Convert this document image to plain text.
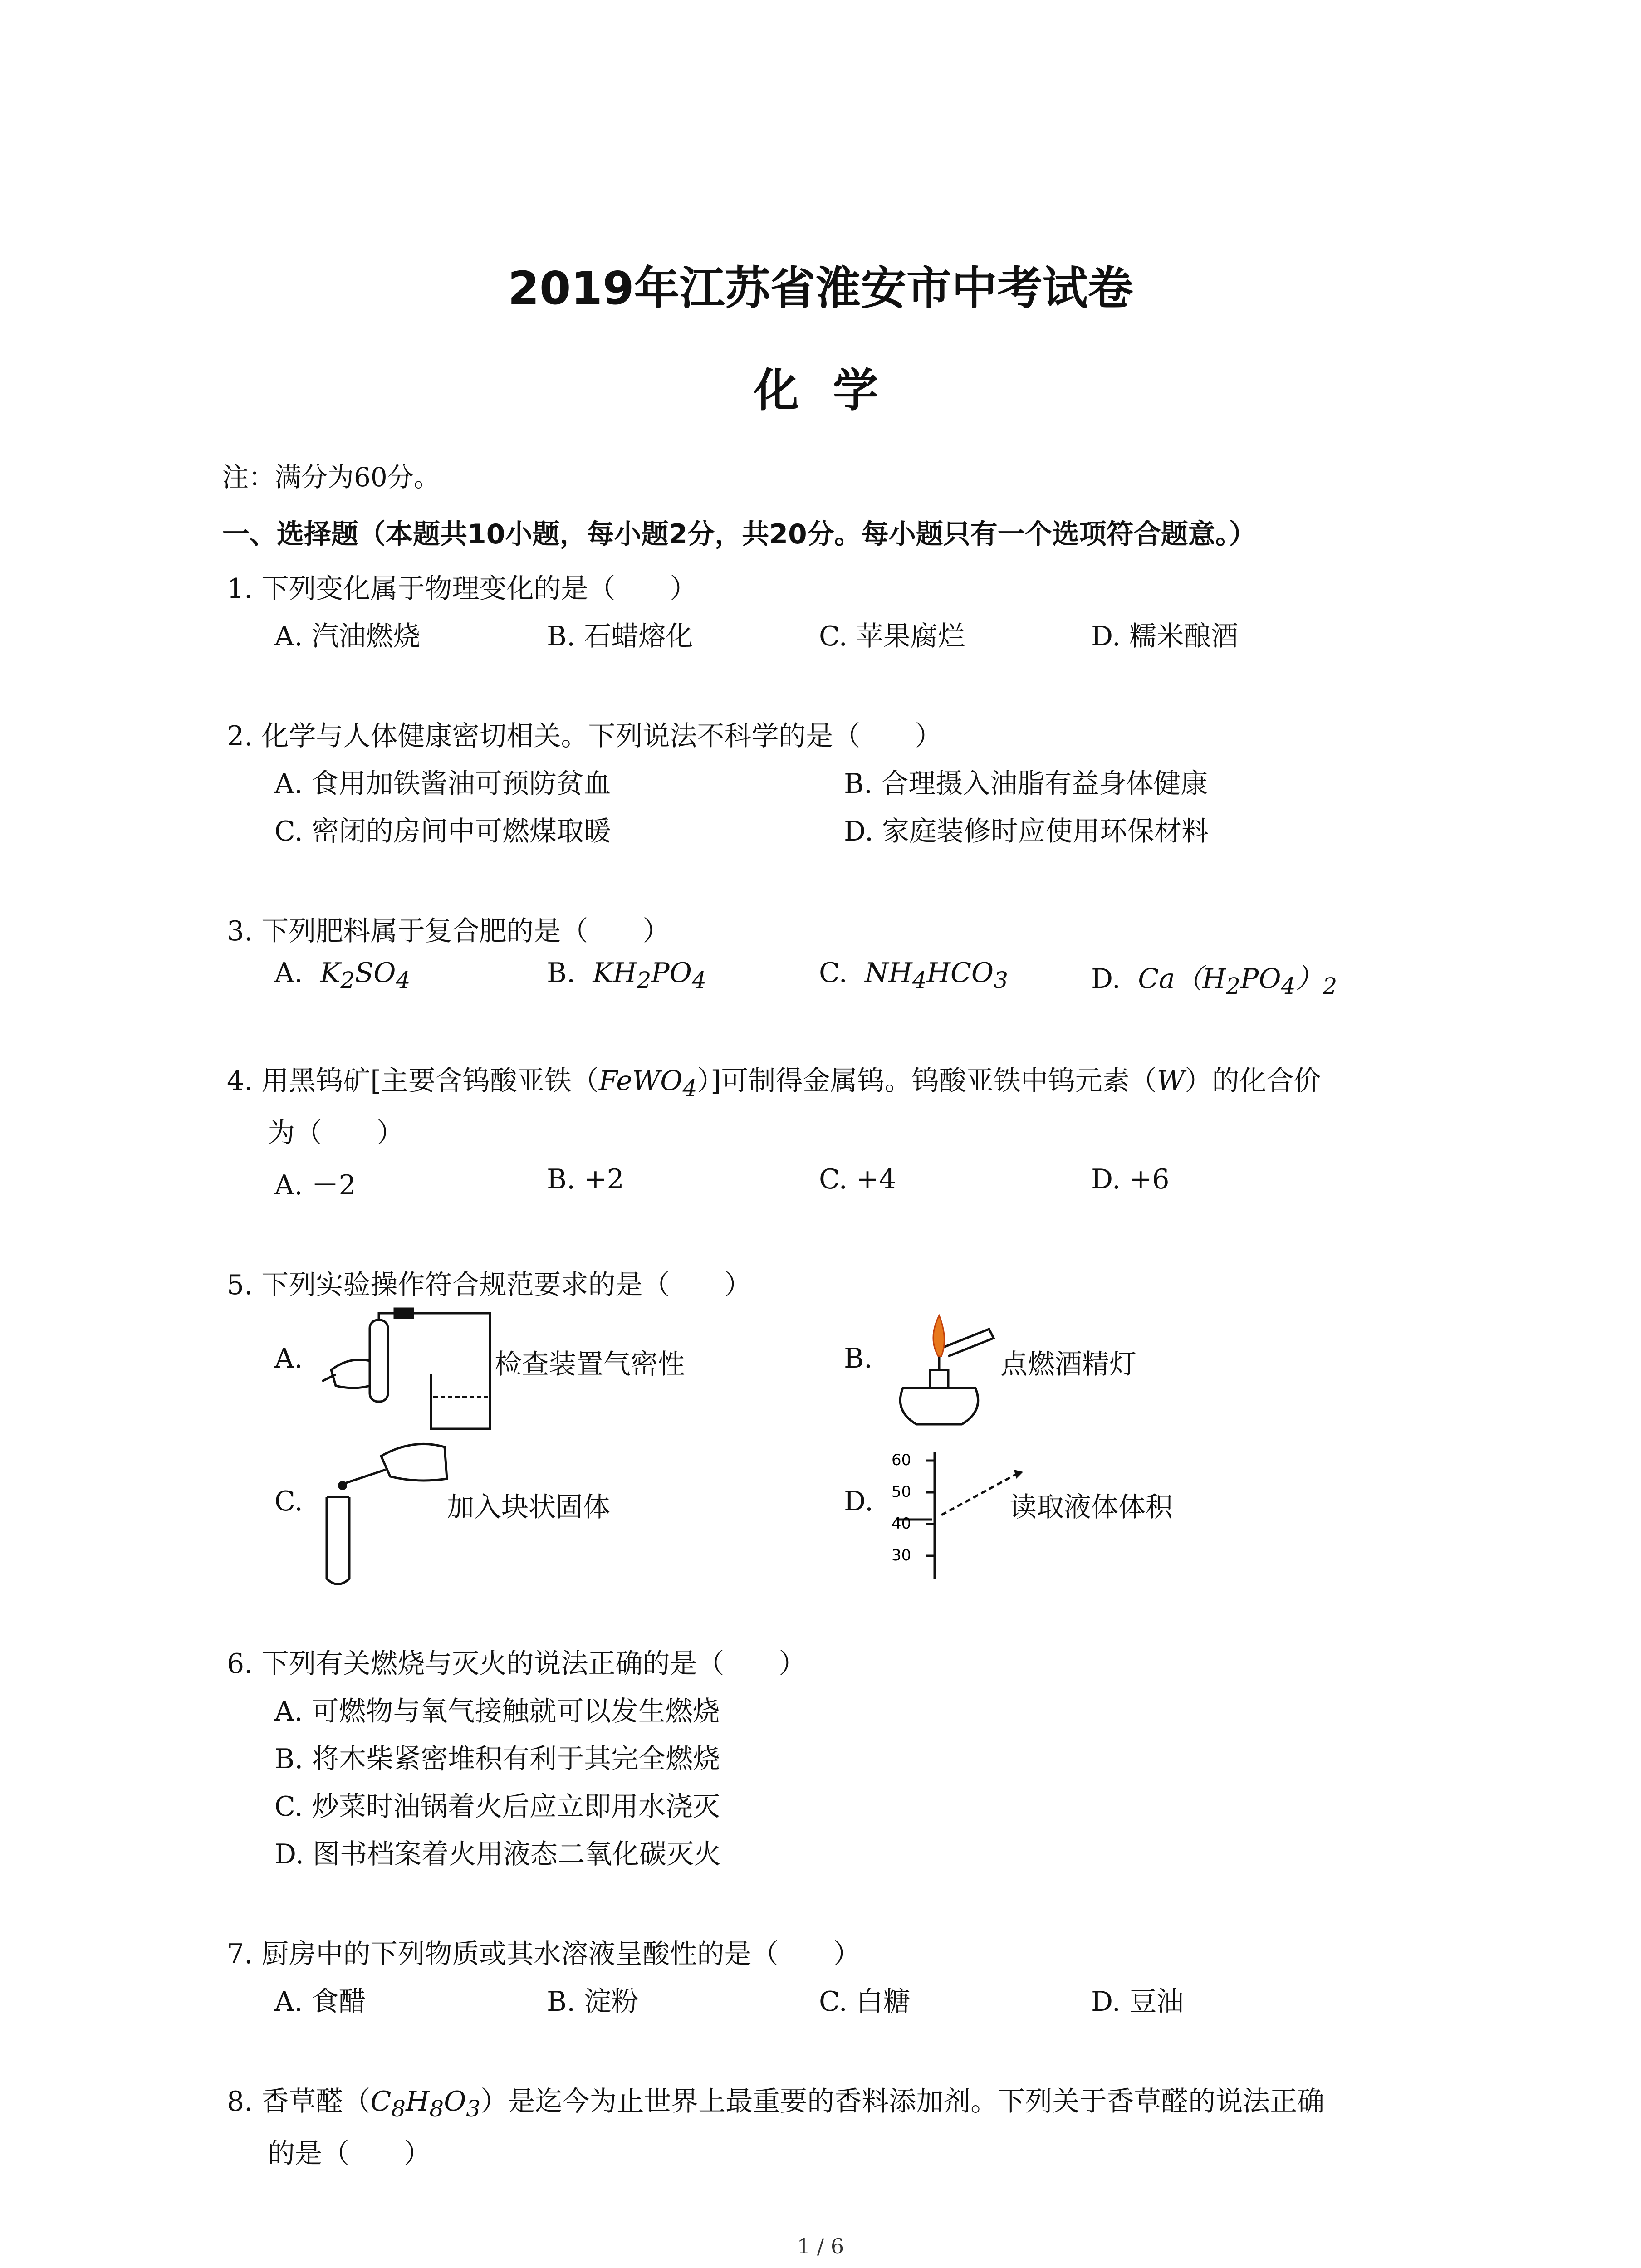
2019年江苏省淮安市中考试卷
化 学
注：满分为60分。
一、选择题（本题共10小题，每小题2分，共20分。每小题只有一个选项符合题意。）
1. 下列变化属于物理变化的是（　　）
A. 汽油燃烧	B. 石蜡熔化	C. 苹果腐烂	D. 糯米酿酒
2. 化学与人体健康密切相关。下列说法不科学的是（　　）
A. 食用加铁酱油可预防贫血	B. 合理摄入油脂有益身体健康
C. 密闭的房间中可燃煤取暖	D. 家庭装修时应使用环保材料
3. 下列肥料属于复合肥的是（　　）
A. $K_2SO_4$	B. $KH_2PO_4$	C. $NH_4HCO_3$	D. $Ca(H_2PO_4)_2$
4. 用黑钨矿[主要含钨酸亚铁（FeWO$_4$）]可制得金属钨。钨酸亚铁中钨元素（W）的化合价
为（　　）
A. －2	B. +2	C. +4	D. +6
5. 下列实验操作符合规范要求的是（　　）
A.	检查装置气密性	B.	点燃酒精灯
C.	加入块状固体	D.
60
50
40
30
读取液体体积
6. 下列有关燃烧与灭火的说法正确的是（　　）
A. 可燃物与氧气接触就可以发生燃烧
B. 将木柴紧密堆积有利于其完全燃烧
C. 炒菜时油锅着火后应立即用水浇灭
D. 图书档案着火用液态二氧化碳灭火
7. 厨房中的下列物质或其水溶液呈酸性的是（　　）
A. 食醋	B. 淀粉	C. 白糖	D. 豆油
8. 香草醛$(C_8H_8O_3)$是迄今为止世界上最重要的香料添加剂。下列关于香草醛的说法正确
的是（　　）
1 / 6
